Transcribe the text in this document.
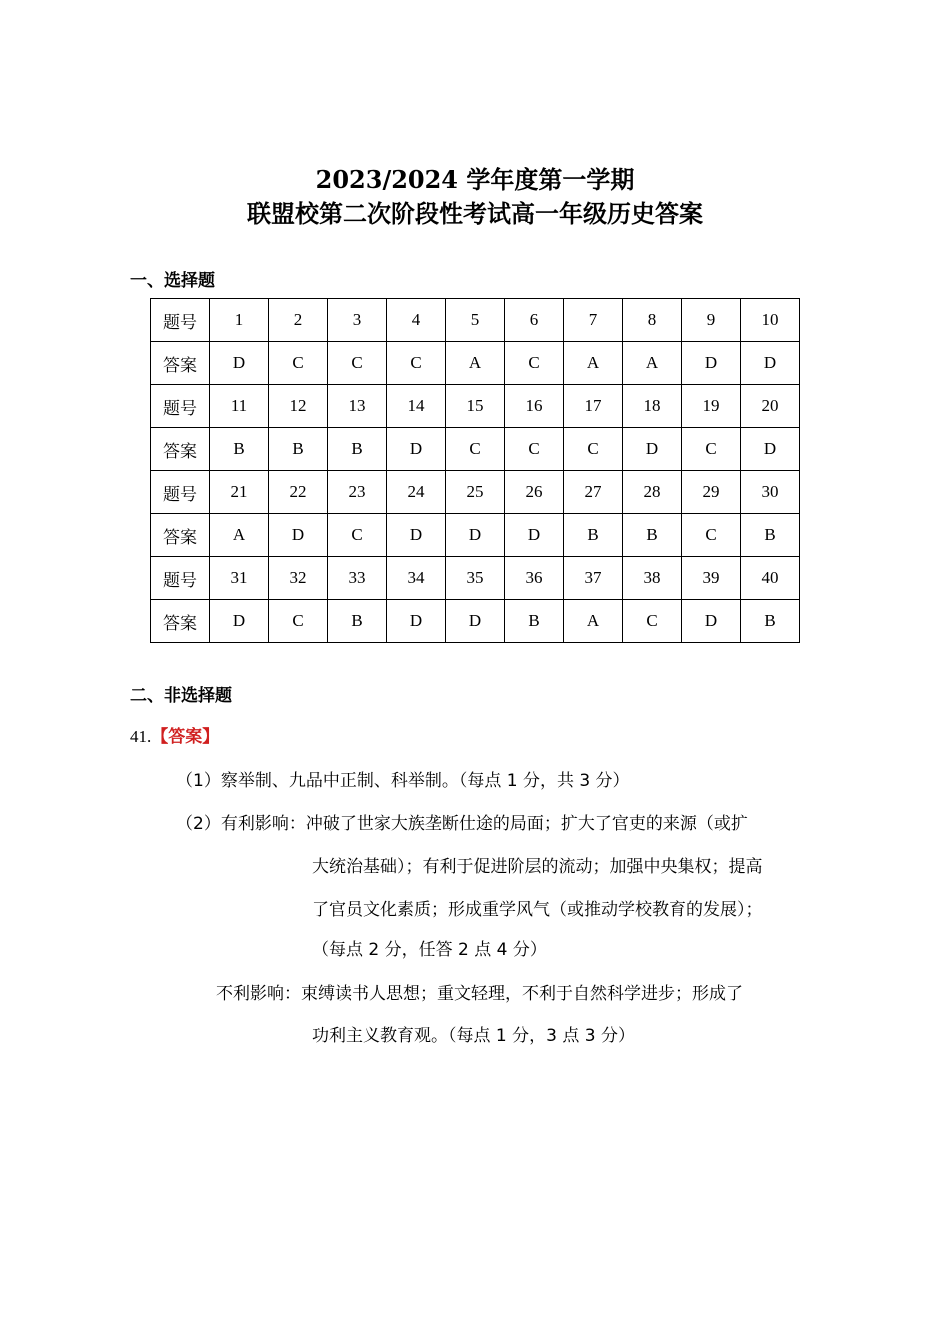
2023/2024 学年度第一学期
联盟校第二次阶段性考试高一年级历史答案
一、选择题
题号	1	2	3	4	5	6	7	8	9	10
答案	D	C	C	C	A	C	A	A	D	D
题号	11	12	13	14	15	16	17	18	19	20
答案	B	B	B	D	C	C	C	D	C	D
题号	21	22	23	24	25	26	27	28	29	30
答案	A	D	C	D	D	D	B	B	C	B
题号	31	32	33	34	35	36	37	38	39	40
答案	D	C	B	D	D	B	A	C	D	B
二、非选择题
41.【答案】
（1）察举制、九品中正制、科举制。（每点 1 分，共 3 分）
（2）有利影响：冲破了世家大族垄断仕途的局面；扩大了官吏的来源（或扩
大统治基础）；有利于促进阶层的流动；加强中央集权；提高
了官员文化素质；形成重学风气（或推动学校教育的发展）；
（每点 2 分，任答 2 点 4 分）
不利影响：束缚读书人思想；重文轻理，不利于自然科学进步；形成了
功利主义教育观。（每点 1 分，3 点 3 分）
